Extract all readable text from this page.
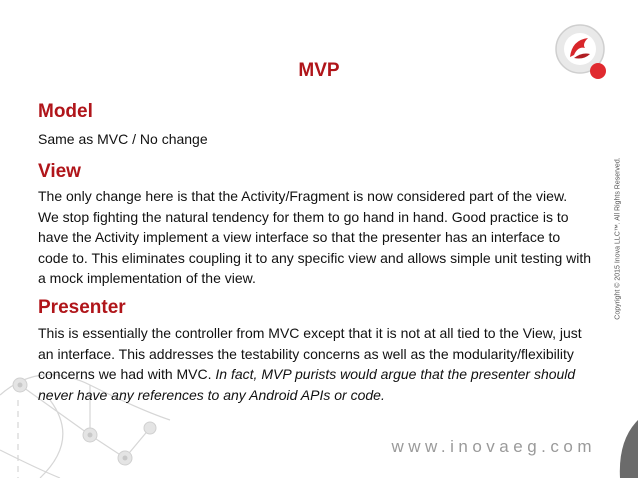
MVP
Model
Same as MVC / No change
View
The only change here is that the Activity/Fragment is now considered part of the view.
We stop fighting the natural tendency for them to go hand in hand. Good practice is to
have the Activity implement a view interface so that the presenter has an interface to
code to. This eliminates coupling it to any specific view and allows simple unit testing with
a mock implementation of the view.
Presenter
This is essentially the controller from MVC except that it is not at all tied to the View, just
an interface. This addresses the testability concerns as well as the modularity/flexibility
concerns we had with MVC. In fact, MVP purists would argue that the presenter should
never have any references to any Android APIs or code.
Copyright © 2015 Inova LLC™. All Rights Reserved.
www.inovaeg.com
